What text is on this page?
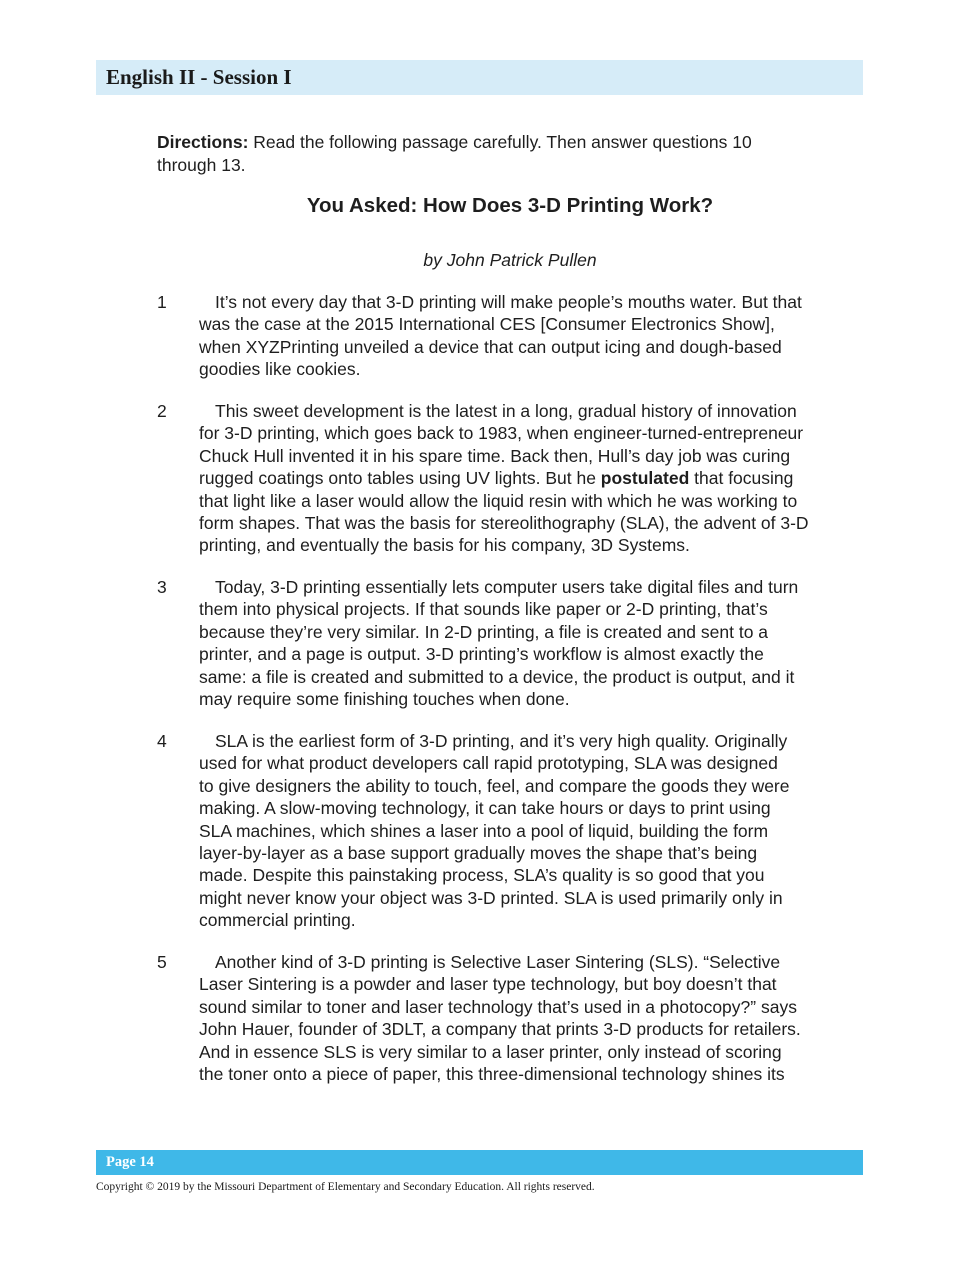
English II - Session I
Directions: Read the following passage carefully. Then answer questions 10
through 13.
You Asked: How Does 3-D Printing Work?
by John Patrick Pullen
1	It’s not every day that 3-D printing will make people’s mouths water. But that
was the case at the 2015 International CES [Consumer Electronics Show],
when XYZPrinting unveiled a device that can output icing and dough-based
goodies like cookies.
2	This sweet development is the latest in a long, gradual history of innovation
for 3-D printing, which goes back to 1983, when engineer-turned-entrepreneur
Chuck Hull invented it in his spare time. Back then, Hull’s day job was curing
rugged coatings onto tables using UV lights. But he postulated that focusing
that light like a laser would allow the liquid resin with which he was working to
form shapes. That was the basis for stereolithography (SLA), the advent of 3-D
printing, and eventually the basis for his company, 3D Systems.
3	Today, 3-D printing essentially lets computer users take digital files and turn
them into physical projects. If that sounds like paper or 2-D printing, that’s
because they’re very similar. In 2-D printing, a file is created and sent to a
printer, and a page is output. 3-D printing’s workflow is almost exactly the
same: a file is created and submitted to a device, the product is output, and it
may require some finishing touches when done.
4	SLA is the earliest form of 3-D printing, and it’s very high quality. Originally
used for what product developers call rapid prototyping, SLA was designed
to give designers the ability to touch, feel, and compare the goods they were
making. A slow-moving technology, it can take hours or days to print using
SLA machines, which shines a laser into a pool of liquid, building the form
layer-by-layer as a base support gradually moves the shape that’s being
made. Despite this painstaking process, SLA’s quality is so good that you
might never know your object was 3-D printed. SLA is used primarily only in
commercial printing.
5	Another kind of 3-D printing is Selective Laser Sintering (SLS). “Selective
Laser Sintering is a powder and laser type technology, but boy doesn’t that
sound similar to toner and laser technology that’s used in a photocopy?” says
John Hauer, founder of 3DLT, a company that prints 3-D products for retailers.
And in essence SLS is very similar to a laser printer, only instead of scoring
the toner onto a piece of paper, this three-dimensional technology shines its
Page 14
Copyright © 2019 by the Missouri Department of Elementary and Secondary Education. All rights reserved.
